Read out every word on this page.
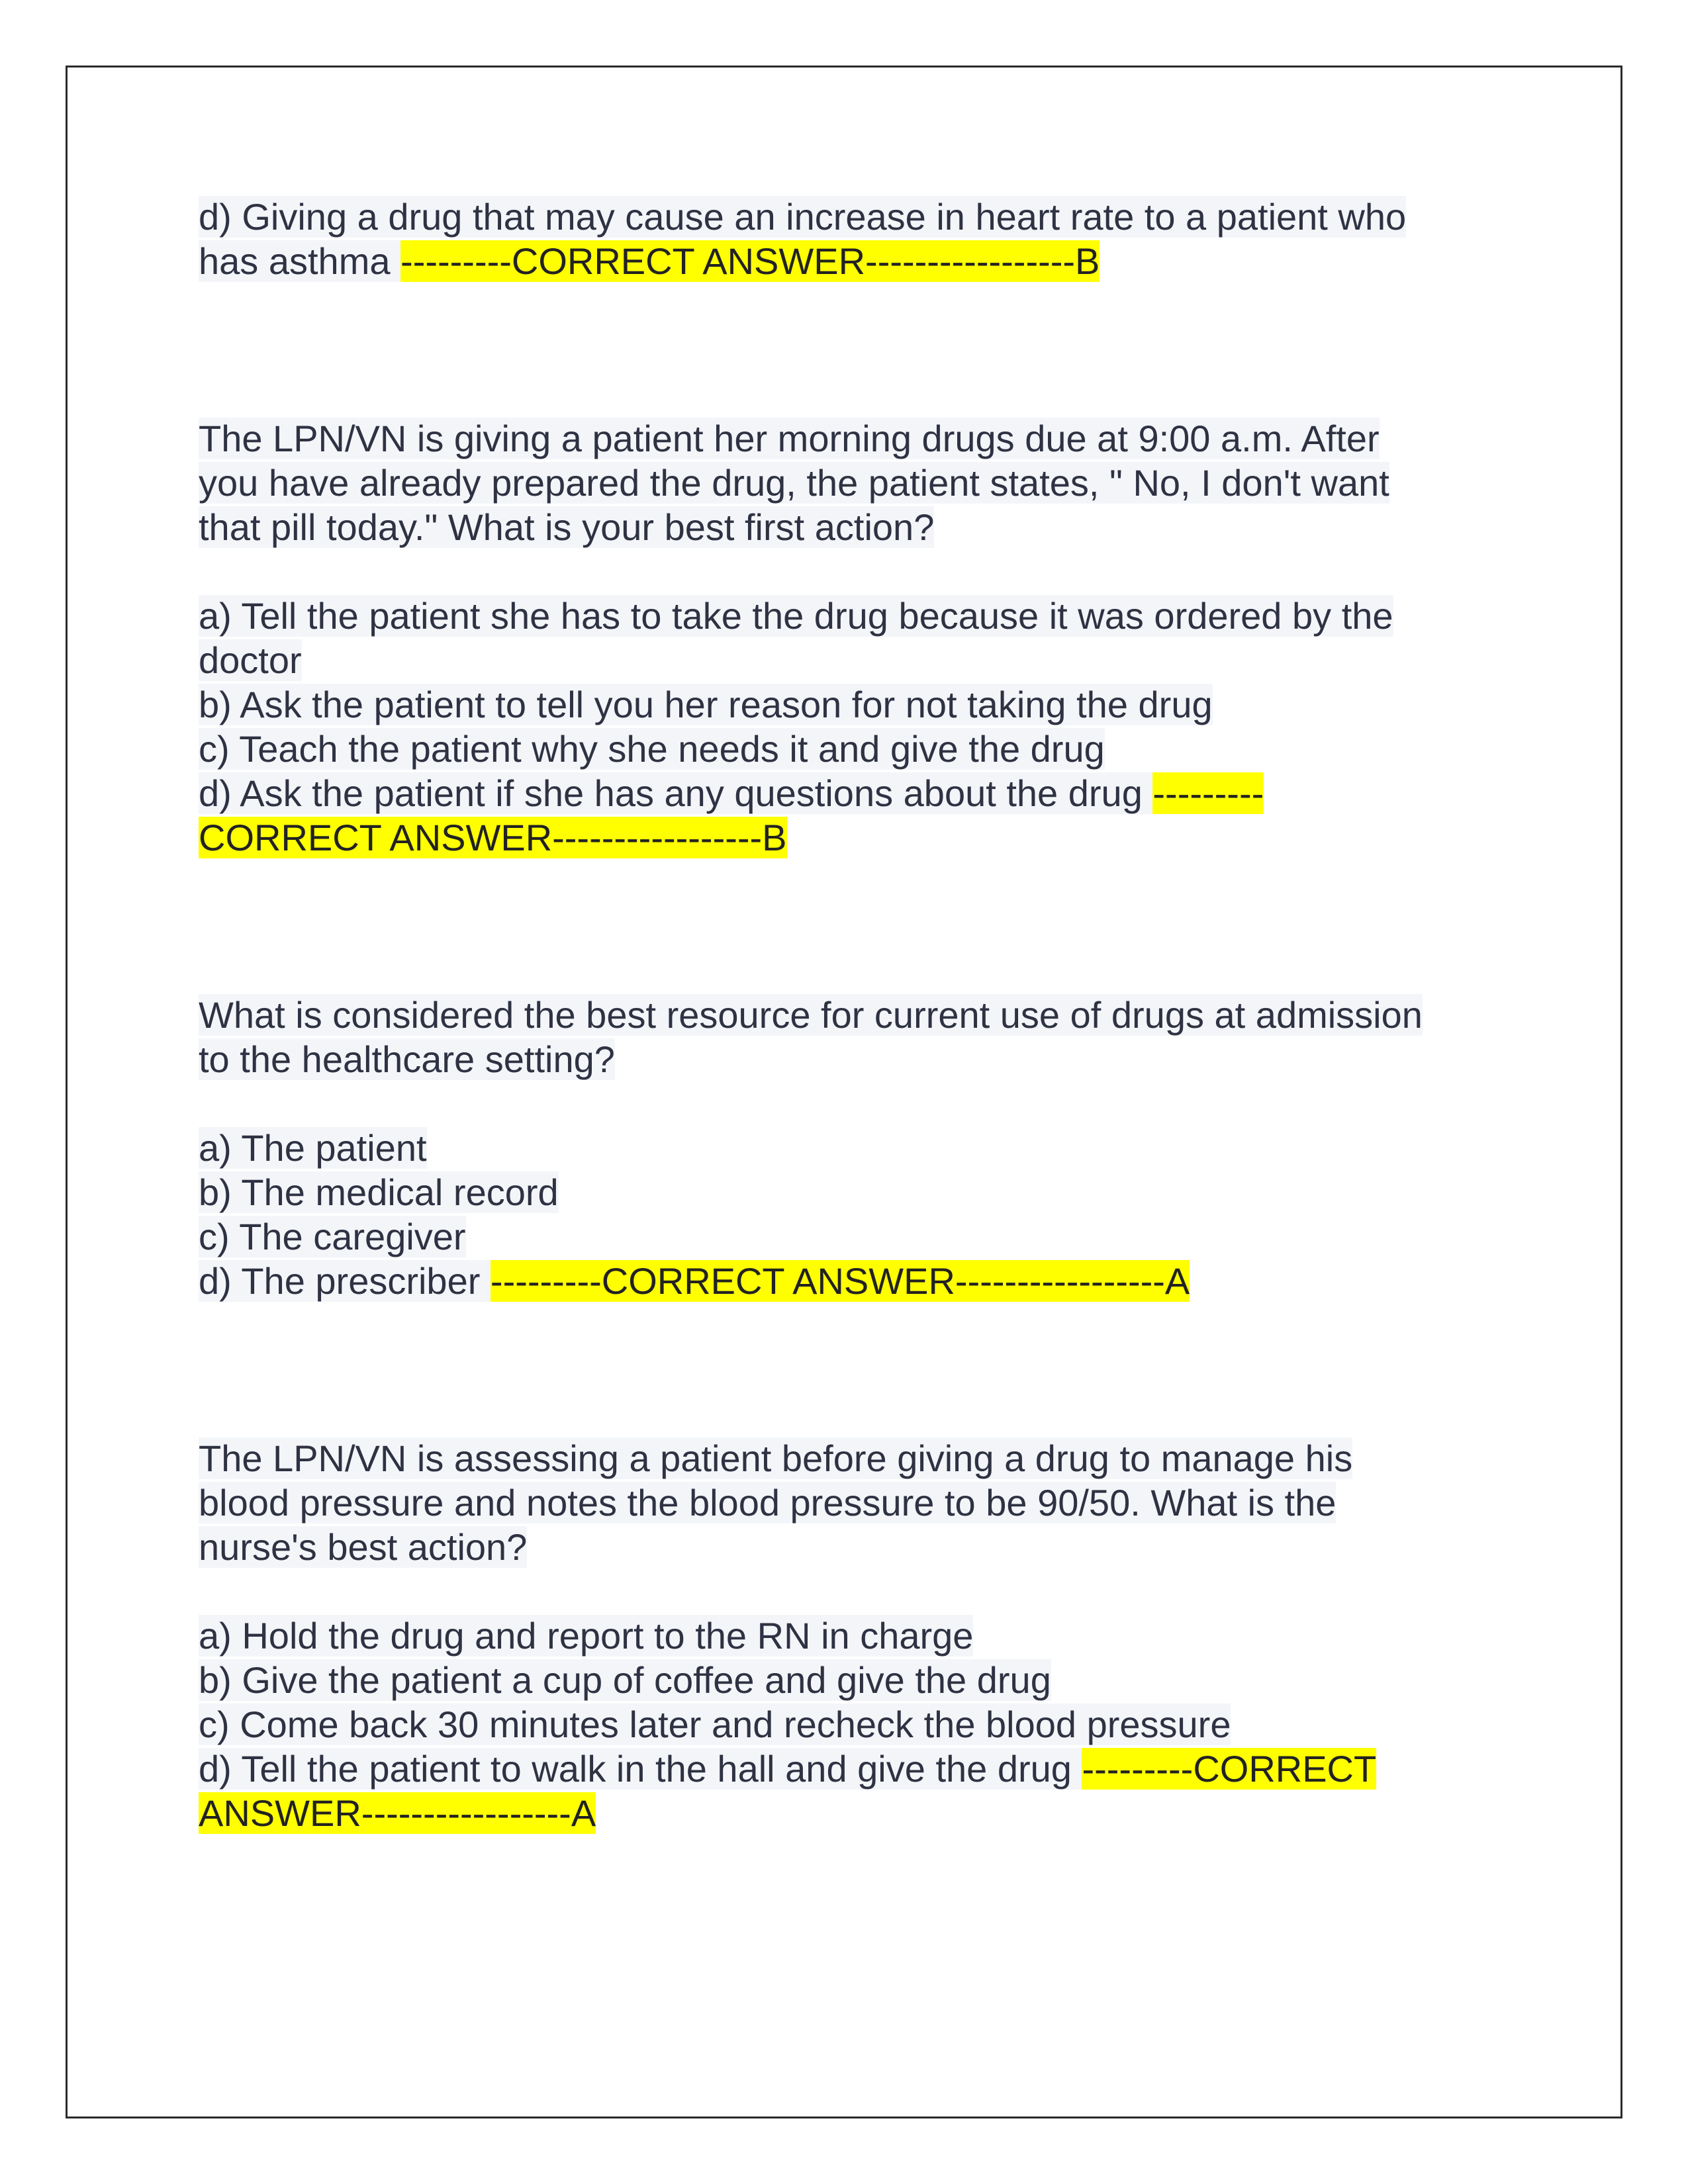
d) Giving a drug that may cause an increase in heart rate to a patient who
has asthma ---------CORRECT ANSWER-----------------B
The LPN/VN is giving a patient her morning drugs due at 9:00 a.m. After
you have already prepared the drug, the patient states, " No, I don't want
that pill today." What is your best first action?
a) Tell the patient she has to take the drug because it was ordered by the
doctor
b) Ask the patient to tell you her reason for not taking the drug
c) Teach the patient why she needs it and give the drug
d) Ask the patient if she has any questions about the drug ---------
CORRECT ANSWER-----------------B
What is considered the best resource for current use of drugs at admission
to the healthcare setting?
a) The patient
b) The medical record
c) The caregiver
d) The prescriber ---------CORRECT ANSWER-----------------A
The LPN/VN is assessing a patient before giving a drug to manage his
blood pressure and notes the blood pressure to be 90/50. What is the
nurse's best action?
a) Hold the drug and report to the RN in charge
b) Give the patient a cup of coffee and give the drug
c) Come back 30 minutes later and recheck the blood pressure
d) Tell the patient to walk in the hall and give the drug ---------CORRECT
ANSWER-----------------A
